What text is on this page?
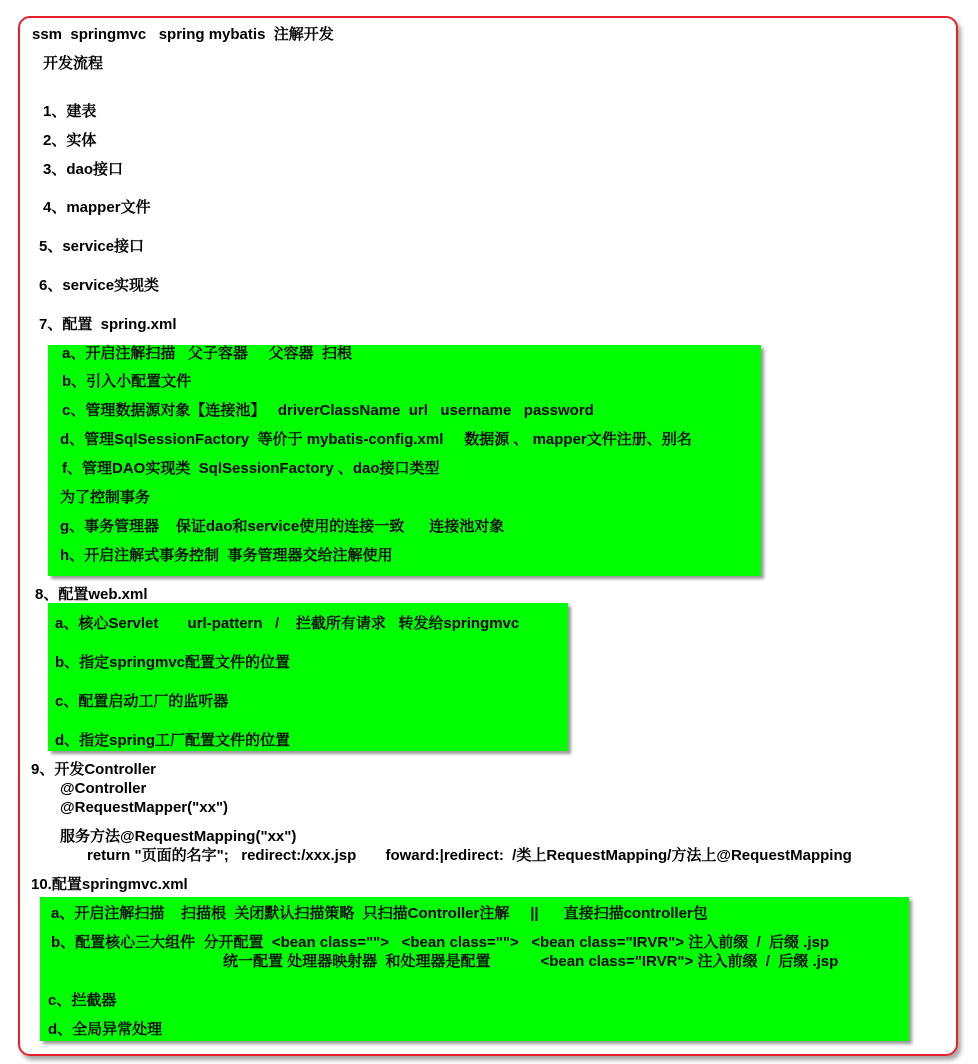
ssm  springmvc   spring mybatis  注解开发
开发流程
1、建表
2、实体
3、dao接口
4、mapper文件
5、service接口
6、service实现类
7、配置  spring.xml
a、开启注解扫描   父子容器     父容器  扫根
b、引入小配置文件
c、管理数据源对象【连接池】   driverClassName  url   username   password
d、管理SqlSessionFactory  等价于 mybatis-config.xml     数据源 、 mapper文件注册、别名
f、管理DAO实现类  SqlSessionFactory 、dao接口类型
为了控制事务
g、事务管理器    保证dao和service使用的连接一致      连接池对象
h、开启注解式事务控制  事务管理器交给注解使用
8、配置web.xml
a、核心Servlet       url-pattern   /    拦截所有请求   转发给springmvc
b、指定springmvc配置文件的位置
c、配置启动工厂的监听器
d、指定spring工厂配置文件的位置
9、开发Controller
@Controller
@RequestMapper("xx")
服务方法@RequestMapping("xx")
return "页面的名字";   redirect:/xxx.jsp       foward:|redirect:  /类上RequestMapping/方法上@RequestMapping
10.配置springmvc.xml
a、开启注解扫描    扫描根  关闭默认扫描策略  只扫描Controller注解     ||      直接扫描controller包
b、配置核心三大组件  分开配置  <bean class="">   <bean class="">   <bean class="IRVR"> 注入前缀  /  后缀 .jsp
统一配置 处理器映射器  和处理器是配置            <bean class="IRVR"> 注入前缀  /  后缀 .jsp
c、拦截器
d、全局异常处理
